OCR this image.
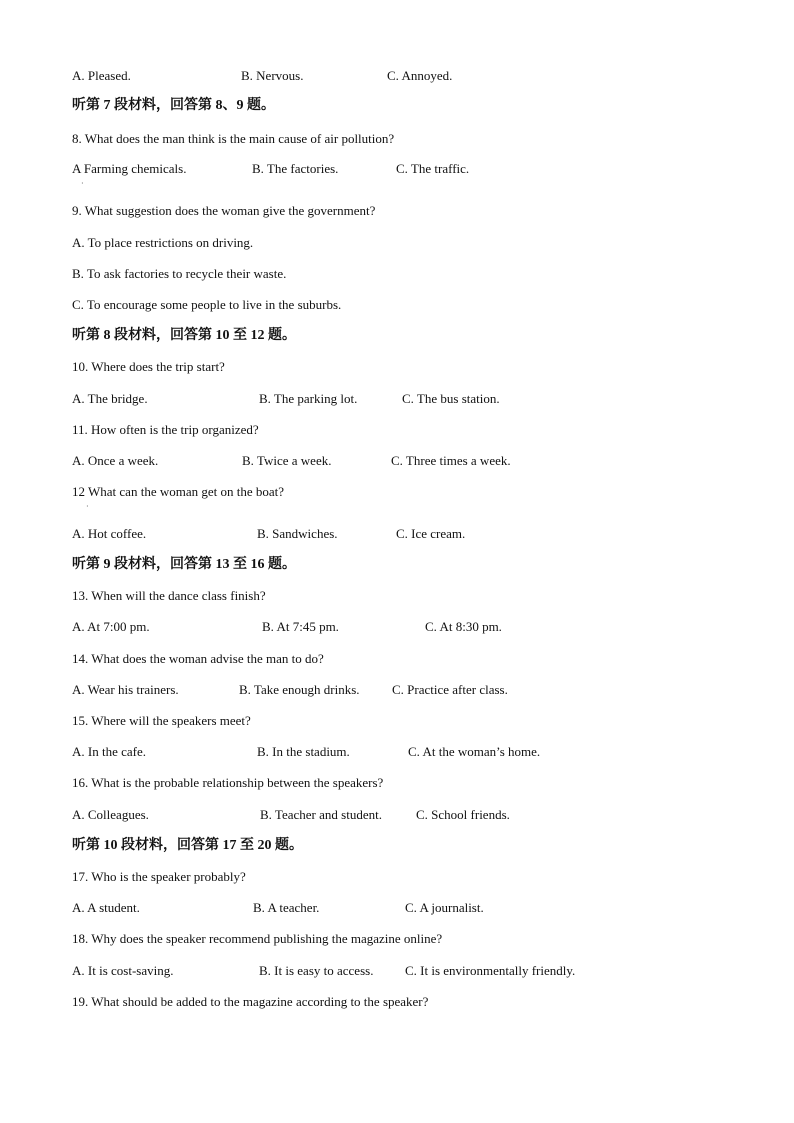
A. Pleased.	B. Nervous.	C. Annoyed.
听第 7 段材料，回答第 8、9 题。
8. What does the man think is the main cause of air pollution?
A Farming chemicals.	B. The factories.	C. The traffic.
·
9. What suggestion does the woman give the government?
A. To place restrictions on driving.
B. To ask factories to recycle their waste.
C. To encourage some people to live in the suburbs.
听第 8 段材料，回答第 10 至 12 题。
10. Where does the trip start?
A. The bridge.	B. The parking lot.	C. The bus station.
11. How often is the trip organized?
A. Once a week.	B. Twice a week.	C. Three times a week.
12 What can the woman get on the boat?
·
A. Hot coffee.	B. Sandwiches.	C. Ice cream.
听第 9 段材料，回答第 13 至 16 题。
13. When will the dance class finish?
A. At 7:00 pm.	B. At 7:45 pm.	C. At 8:30 pm.
14. What does the woman advise the man to do?
A. Wear his trainers.	B. Take enough drinks. C. Practice after class.
15. Where will the speakers meet?
A. In the cafe.	B. In the stadium.	C. At the woman’s home.
16. What is the probable relationship between the speakers?
A. Colleagues.	B. Teacher and student.	C. School friends.
听第 10 段材料，回答第 17 至 20 题。
17. Who is the speaker probably?
A. A student.	B. A teacher.	C. A journalist.
18. Why does the speaker recommend publishing the magazine online?
A. It is cost-saving.	B. It is easy to access. C. It is environmentally friendly.
19. What should be added to the magazine according to the speaker?
